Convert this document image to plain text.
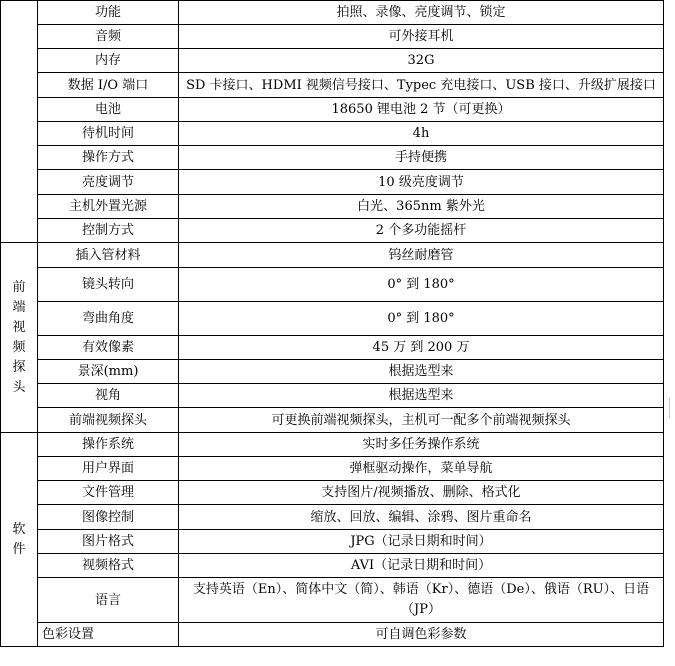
	功能	拍照、录像、亮度调节、锁定
	音频	可外接耳机
	内存	32G
	数据 I/O 端口	SD 卡接口、HDMI 视频信号接口、Typec 充电接口、USB 接口、升级扩展接口
	电池	18650 锂电池 2 节（可更换）
	待机时间	4h
	操作方式	手持便携
	亮度调节	10 级亮度调节
	主机外置光源	白光、365nm 紫外光
	控制方式	2 个多功能摇杆

前端视频探头	插入管材料	钨丝耐磨管
	镜头转向	0° 到 180°
	弯曲角度	0° 到 180°
	有效像素	45 万 到 200 万
	景深(mm)	根据选型来
	视角	根据选型来
	前端视频探头	可更换前端视频探头，主机可一配多个前端视频探头

软件	操作系统	实时多任务操作系统
	用户界面	弹框驱动操作，菜单导航
	文件管理	支持图片/视频播放、删除、格式化
	图像控制	缩放、回放、编辑、涂鸦、图片重命名
	图片格式	JPG（记录日期和时间）
	视频格式	AVI（记录日期和时间）
	语言	支持英语（En）、简体中文（简）、韩语（Kr）、德语（De）、俄语（RU）、日语（JP）
	色彩设置	可自调色彩参数
